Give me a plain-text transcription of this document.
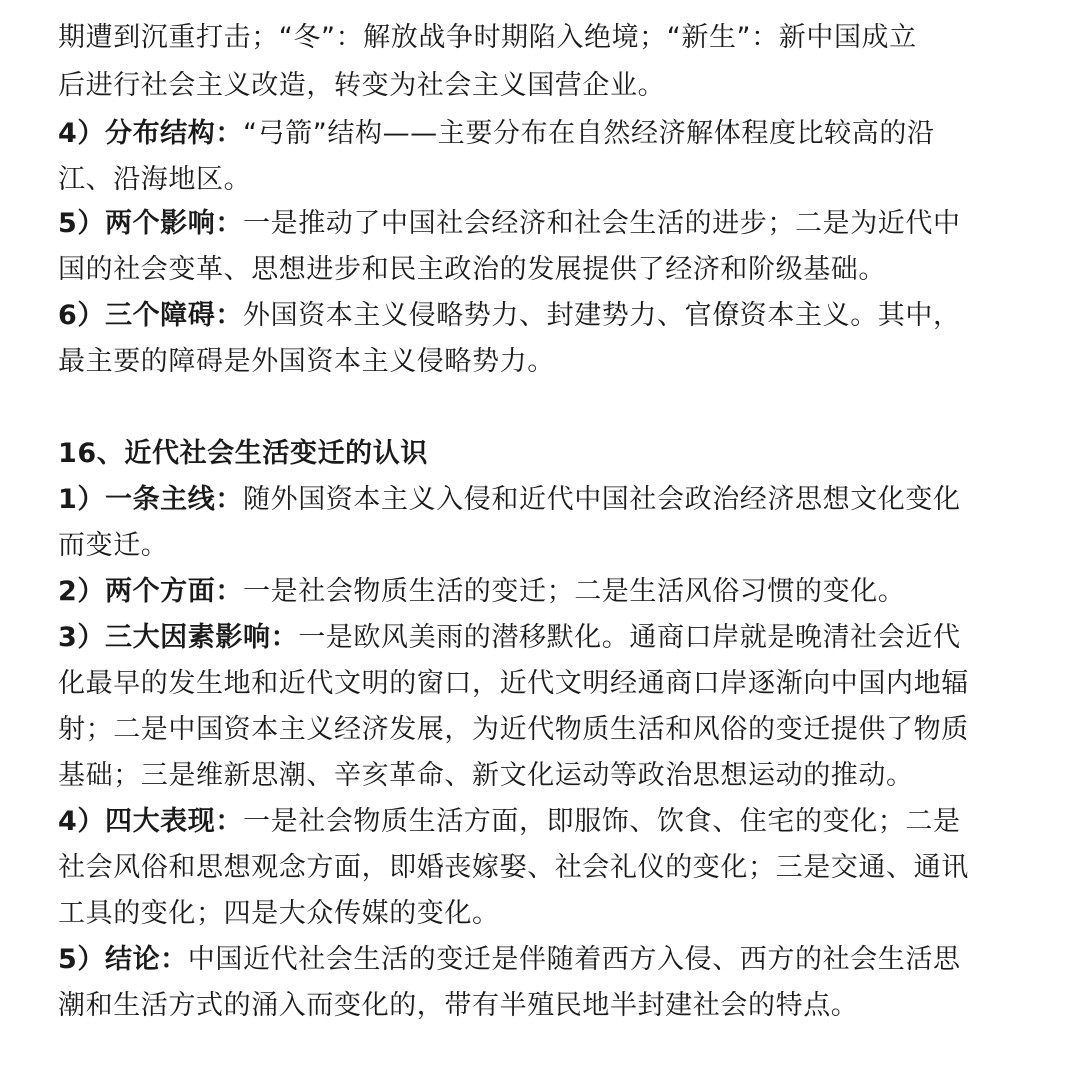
期遭到沉重打击；“冬”：解放战争时期陷入绝境；“新生”：新中国成立
后进行社会主义改造，转变为社会主义国营企业。
4）分布结构：“弓箭”结构——主要分布在自然经济解体程度比较高的沿
江、沿海地区。
5）两个影响：一是推动了中国社会经济和社会生活的进步；二是为近代中
国的社会变革、思想进步和民主政治的发展提供了经济和阶级基础。
6）三个障碍：外国资本主义侵略势力、封建势力、官僚资本主义。其中，
最主要的障碍是外国资本主义侵略势力。
16、近代社会生活变迁的认识
1）一条主线：随外国资本主义入侵和近代中国社会政治经济思想文化变化
而变迁。
2）两个方面：一是社会物质生活的变迁；二是生活风俗习惯的变化。
3）三大因素影响：一是欧风美雨的潜移默化。通商口岸就是晚清社会近代
化最早的发生地和近代文明的窗口，近代文明经通商口岸逐渐向中国内地辐
射；二是中国资本主义经济发展，为近代物质生活和风俗的变迁提供了物质
基础；三是维新思潮、辛亥革命、新文化运动等政治思想运动的推动。
4）四大表现：一是社会物质生活方面，即服饰、饮食、住宅的变化；二是
社会风俗和思想观念方面，即婚丧嫁娶、社会礼仪的变化；三是交通、通讯
工具的变化；四是大众传媒的变化。
5）结论：中国近代社会生活的变迁是伴随着西方入侵、西方的社会生活思
潮和生活方式的涌入而变化的，带有半殖民地半封建社会的特点。
